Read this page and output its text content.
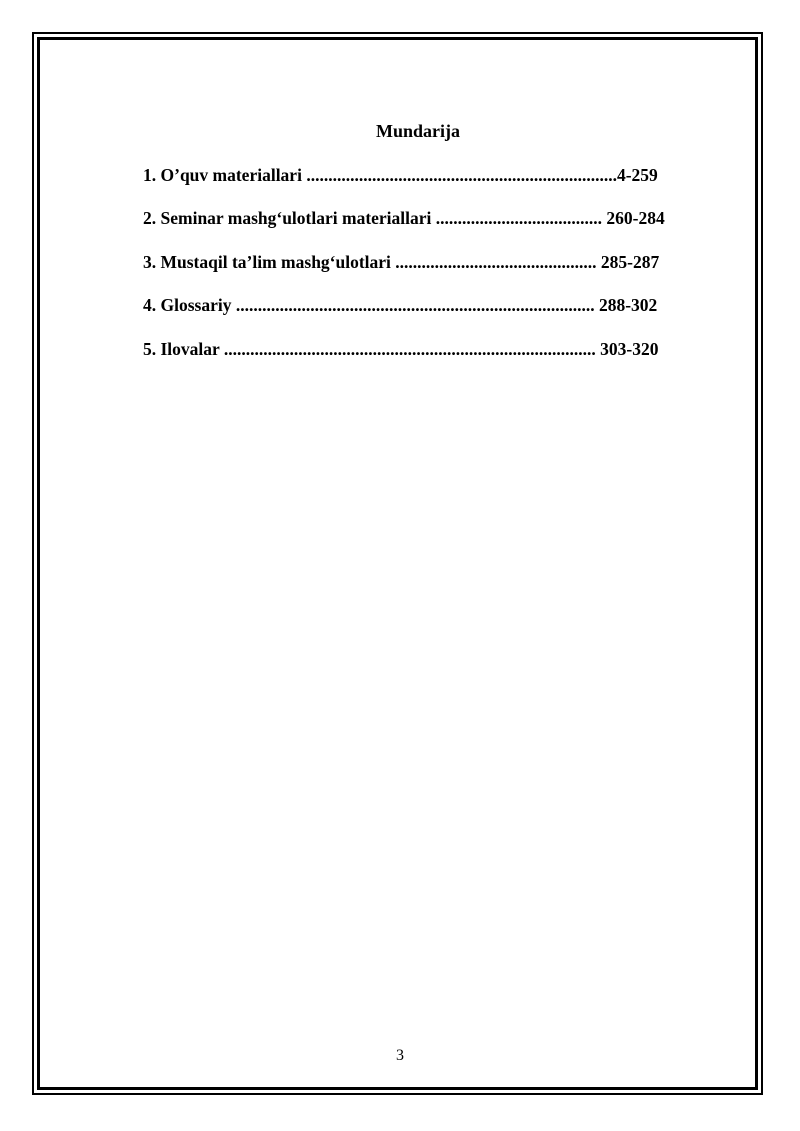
Mundarija
1. O’quv materiallari .......................................................................4-259
2. Seminar mashg‘ulotlari materiallari ...................................... 260-284
3. Mustaqil ta’lim mashg‘ulotlari .............................................. 285-287
4. Glossariy .................................................................................. 288-302
5. Ilovalar ..................................................................................... 303-320
3
